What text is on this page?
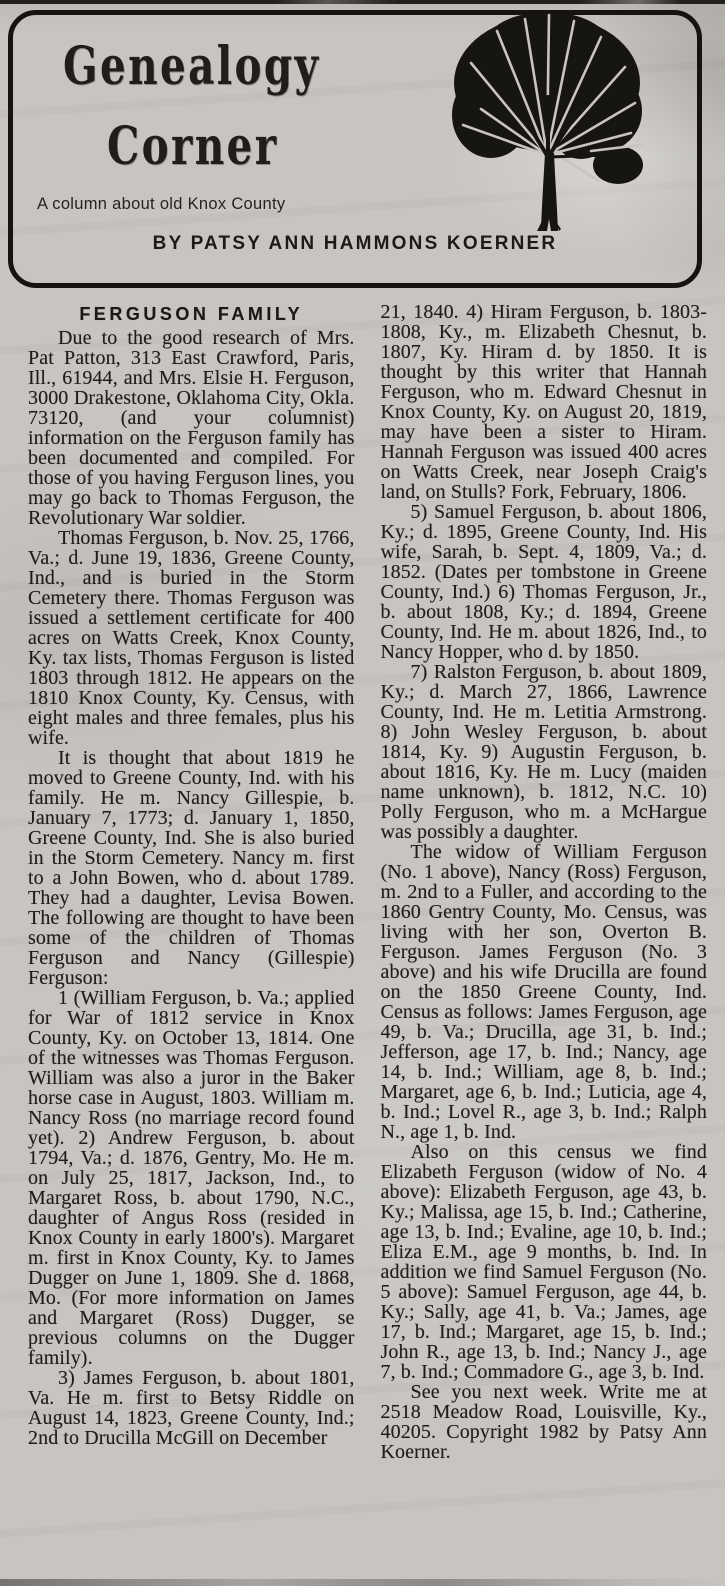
Genealogy
Corner
A column about old Knox County
BY PATSY ANN HAMMONS KOERNER
FERGUSON FAMILY

Due to the good research of Mrs. Pat Patton, 313 East Crawford, Paris, Ill., 61944, and Mrs. Elsie H. Ferguson, 3000 Drakestone, Oklahoma City, Okla. 73120, (and your columnist) information on the Ferguson family has been documented and compiled. For those of you having Ferguson lines, you may go back to Thomas Ferguson, the Revolutionary War soldier.

Thomas Ferguson, b. Nov. 25, 1766, Va.; d. June 19, 1836, Greene County, Ind., and is buried in the Storm Cemetery there. Thomas Ferguson was issued a settlement certificate for 400 acres on Watts Creek, Knox County, Ky. tax lists, Thomas Ferguson is listed 1803 through 1812. He appears on the 1810 Knox County, Ky. Census, with eight males and three females, plus his wife.

It is thought that about 1819 he moved to Greene County, Ind. with his family. He m. Nancy Gillespie, b. January 7, 1773; d. January 1, 1850, Greene County, Ind. She is also buried in the Storm Cemetery. Nancy m. first to a John Bowen, who d. about 1789. They had a daughter, Levisa Bowen. The following are thought to have been some of the children of Thomas Ferguson and Nancy (Gillespie) Ferguson:

1 (William Ferguson, b. Va.; applied for War of 1812 service in Knox County, Ky. on October 13, 1814. One of the witnesses was Thomas Ferguson. William was also a juror in the Baker horse case in August, 1803. William m. Nancy Ross (no marriage record found yet). 2) Andrew Ferguson, b. about 1794, Va.; d. 1876, Gentry, Mo. He m. on July 25, 1817, Jackson, Ind., to Margaret Ross, b. about 1790, N.C., daughter of Angus Ross (resided in Knox County in early 1800's). Margaret m. first in Knox County, Ky. to James Dugger on June 1, 1809. She d. 1868, Mo. (For more information on James and Margaret (Ross) Dugger, se previous columns on the Dugger family).

3) James Ferguson, b. about 1801, Va. He m. first to Betsy Riddle on August 14, 1823, Greene County, Ind.; 2nd to Drucilla McGill on December

21, 1840. 4) Hiram Ferguson, b. 1803-1808, Ky., m. Elizabeth Chesnut, b. 1807, Ky. Hiram d. by 1850. It is thought by this writer that Hannah Ferguson, who m. Edward Chesnut in Knox County, Ky. on August 20, 1819, may have been a sister to Hiram. Hannah Ferguson was issued 400 acres on Watts Creek, near Joseph Craig's land, on Stulls? Fork, February, 1806.

5) Samuel Ferguson, b. about 1806, Ky.; d. 1895, Greene County, Ind. His wife, Sarah, b. Sept. 4, 1809, Va.; d. 1852. (Dates per tombstone in Greene County, Ind.) 6) Thomas Ferguson, Jr., b. about 1808, Ky.; d. 1894, Greene County, Ind. He m. about 1826, Ind., to Nancy Hopper, who d. by 1850.

7) Ralston Ferguson, b. about 1809, Ky.; d. March 27, 1866, Lawrence County, Ind. He m. Letitia Armstrong. 8) John Wesley Ferguson, b. about 1814, Ky. 9) Augustin Ferguson, b. about 1816, Ky. He m. Lucy (maiden name unknown), b. 1812, N.C. 10) Polly Ferguson, who m. a McHargue was possibly a daughter.

The widow of William Ferguson (No. 1 above), Nancy (Ross) Ferguson, m. 2nd to a Fuller, and according to the 1860 Gentry County, Mo. Census, was living with her son, Overton B. Ferguson. James Ferguson (No. 3 above) and his wife Drucilla are found on the 1850 Greene County, Ind. Census as follows: James Ferguson, age 49, b. Va.; Drucilla, age 31, b. Ind.; Jefferson, age 17, b. Ind.; Nancy, age 14, b. Ind.; William, age 8, b. Ind.; Margaret, age 6, b. Ind.; Luticia, age 4, b. Ind.; Lovel R., age 3, b. Ind.; Ralph N., age 1, b. Ind.

Also on this census we find Elizabeth Ferguson (widow of No. 4 above): Elizabeth Ferguson, age 43, b. Ky.; Malissa, age 15, b. Ind.; Catherine, age 13, b. Ind.; Evaline, age 10, b. Ind.; Eliza E.M., age 9 months, b. Ind. In addition we find Samuel Ferguson (No. 5 above): Samuel Ferguson, age 44, b. Ky.; Sally, age 41, b. Va.; James, age 17, b. Ind.; Margaret, age 15, b. Ind.; John R., age 13, b. Ind.; Nancy J., age 7, b. Ind.; Commadore G., age 3, b. Ind.

See you next week. Write me at 2518 Meadow Road, Louisville, Ky., 40205. Copyright 1982 by Patsy Ann Koerner.
